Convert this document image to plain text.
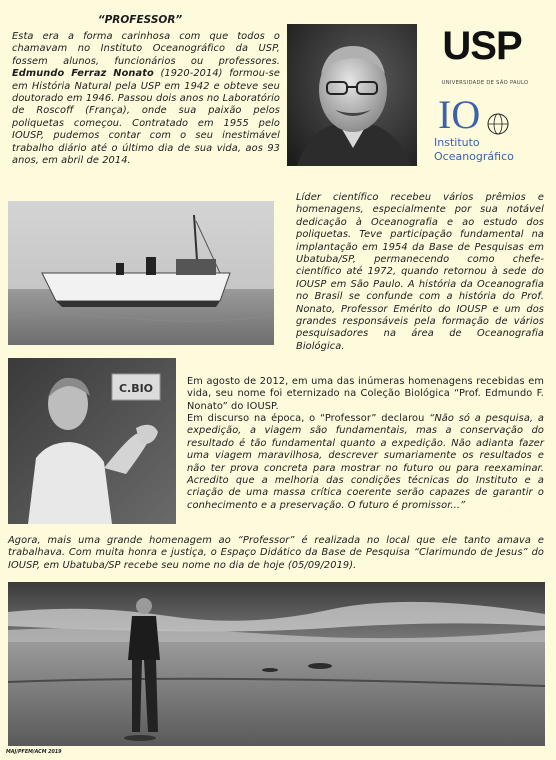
“PROFESSOR”
Esta era a forma carinhosa com que todos o chamavam no Instituto Oceanográfico da USP, fossem alunos, funcionários ou professores. Edmundo Ferraz Nonato (1920-2014) formou-se em História Natural pela USP em 1942 e obteve seu doutorado em 1946. Passou dois anos no Laboratório de Roscoff (França), onde sua paixão pelos poliquetas começou. Contratado em 1955 pelo IOUSP, pudemos contar com o seu inestimável trabalho diário até o último dia de sua vida, aos 93 anos, em abril de 2014.
USP
UNIVERSIDADE DE SÃO PAULO
IO
Instituto
Oceanográfico
Líder científico recebeu vários prêmios e homenagens, especialmente por sua notável dedicação à Oceanografia e ao estudo dos poliquetas. Teve participação fundamental na implantação em 1954 da Base de Pesquisas em Ubatuba/SP, permanecendo como chefe-científico até 1972, quando retornou à sede do IOUSP em São Paulo. A história da Oceanografia no Brasil se confunde com a história do Prof. Nonato, Professor Emérito do IOUSP e um dos grandes responsáveis pela formação de vários pesquisadores na área de Oceanografia Biológica.
C.BIO
Em agosto de 2012, em uma das inúmeras homenagens recebidas em vida, seu nome foi eternizado na Coleção Biológica “Prof. Edmundo F. Nonato” do IOUSP.
Em discurso na época, o “Professor” declarou “Não só a pesquisa, a expedição, a viagem são fundamentais, mas a conservação do resultado é tão fundamental quanto a expedição. Não adianta fazer uma viagem maravilhosa, descrever sumariamente os resultados e não ter prova concreta para mostrar no futuro ou para reexaminar. Acredito que a melhoria das condições técnicas do Instituto e a criação de uma massa crítica coerente serão capazes de garantir o conhecimento e a preservação. O futuro é promissor...”
Agora, mais uma grande homenagem ao “Professor” é realizada no local que ele tanto amava e trabalhava. Com muita honra e justiça, o Espaço Didático da Base de Pesquisa “Clarimundo de Jesus” do IOUSP, em Ubatuba/SP recebe seu nome no dia de hoje (05/09/2019).
MAJ/PFEM/ACM 2019
